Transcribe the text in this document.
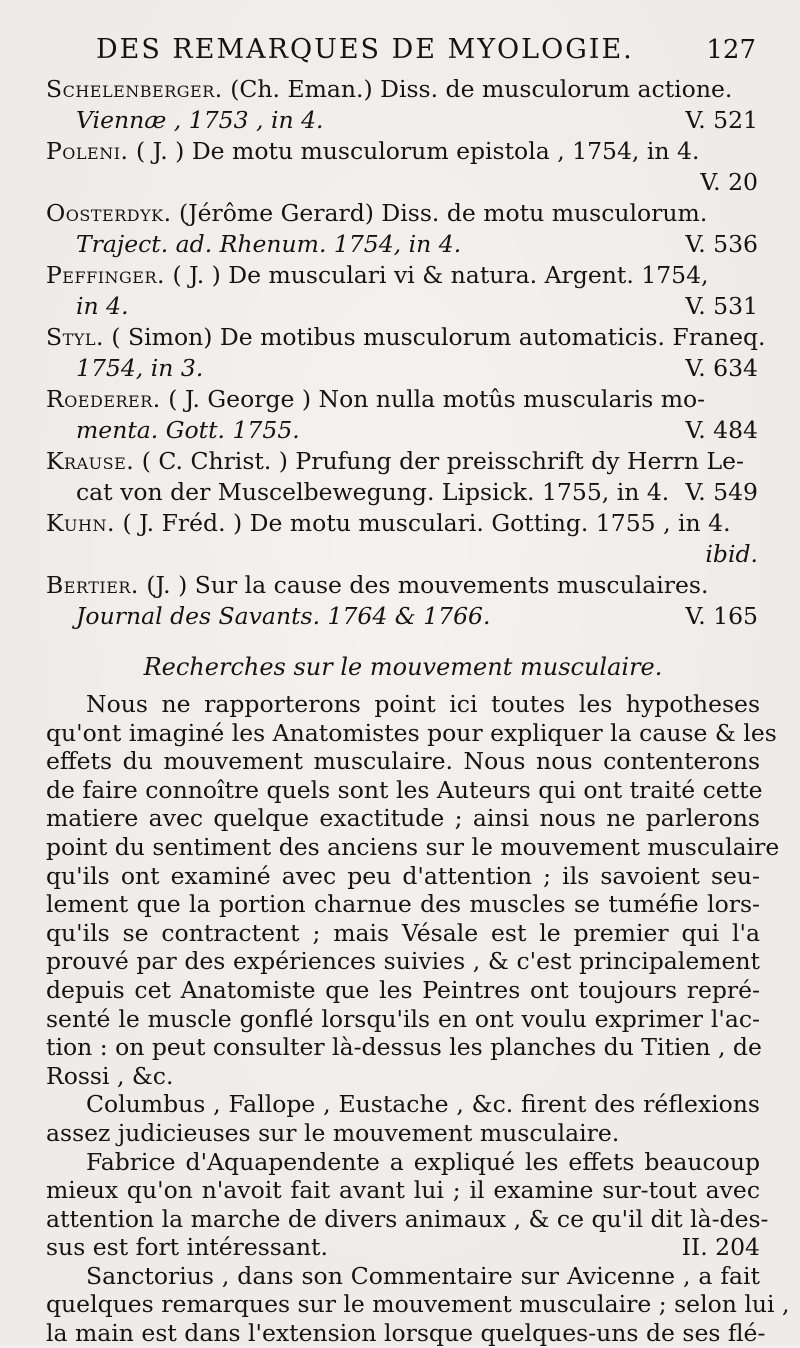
DES REMARQUES DE MYOLOGIE.	127
Schelenberger. (Ch. Eman.) Diss. de musculorum actione.
Viennæ , 1753 , in 4.	V. 521
Poleni. ( J. ) De motu musculorum epistola , 1754, in 4.
V. 20
Oosterdyk. (Jérôme Gerard) Diss. de motu musculorum.
Traject. ad. Rhenum. 1754, in 4.	V. 536
Peffinger. ( J. ) De musculari vi & natura. Argent. 1754,
in 4.	V. 531
Styl. ( Simon) De motibus musculorum automaticis. Franeq.
1754, in 3.	V. 634
Roederer. ( J. George ) Non nulla motûs muscularis mo-
menta. Gott. 1755.	V. 484
Krause. ( C. Christ. ) Prufung der preisschrift dy Herrn Le-
cat von der Muscelbewegung. Lipsick. 1755, in 4. V. 549
Kuhn. ( J. Fréd. ) De motu musculari. Gotting. 1755 , in 4.
ibid.
Bertier. (J. ) Sur la cause des mouvements musculaires.
Journal des Savants. 1764 & 1766.	V. 165
Recherches sur le mouvement musculaire.
Nous ne rapporterons point ici toutes les hypotheses
qu'ont imaginé les Anatomistes pour expliquer la cause & les
effets du mouvement musculaire. Nous nous contenterons
de faire connoître quels sont les Auteurs qui ont traité cette
matiere avec quelque exactitude ; ainsi nous ne parlerons
point du sentiment des anciens sur le mouvement musculaire
qu'ils ont examiné avec peu d'attention ; ils savoient seu-
lement que la portion charnue des muscles se tuméfie lors-
qu'ils se contractent ; mais Vésale est le premier qui l'a
prouvé par des expériences suivies , & c'est principalement
depuis cet Anatomiste que les Peintres ont toujours repré-
senté le muscle gonflé lorsqu'ils en ont voulu exprimer l'ac-
tion : on peut consulter là-dessus les planches du Titien , de
Rossi , &c.
Columbus , Fallope , Eustache , &c. firent des réflexions
assez judicieuses sur le mouvement musculaire.
Fabrice d'Aquapendente a expliqué les effets beaucoup
mieux qu'on n'avoit fait avant lui ; il examine sur-tout avec
attention la marche de divers animaux , & ce qu'il dit là-des-
sus est fort intéressant.	II. 204
Sanctorius , dans son Commentaire sur Avicenne , a fait
quelques remarques sur le mouvement musculaire ; selon lui ,
la main est dans l'extension lorsque quelques-uns de ses flé-
